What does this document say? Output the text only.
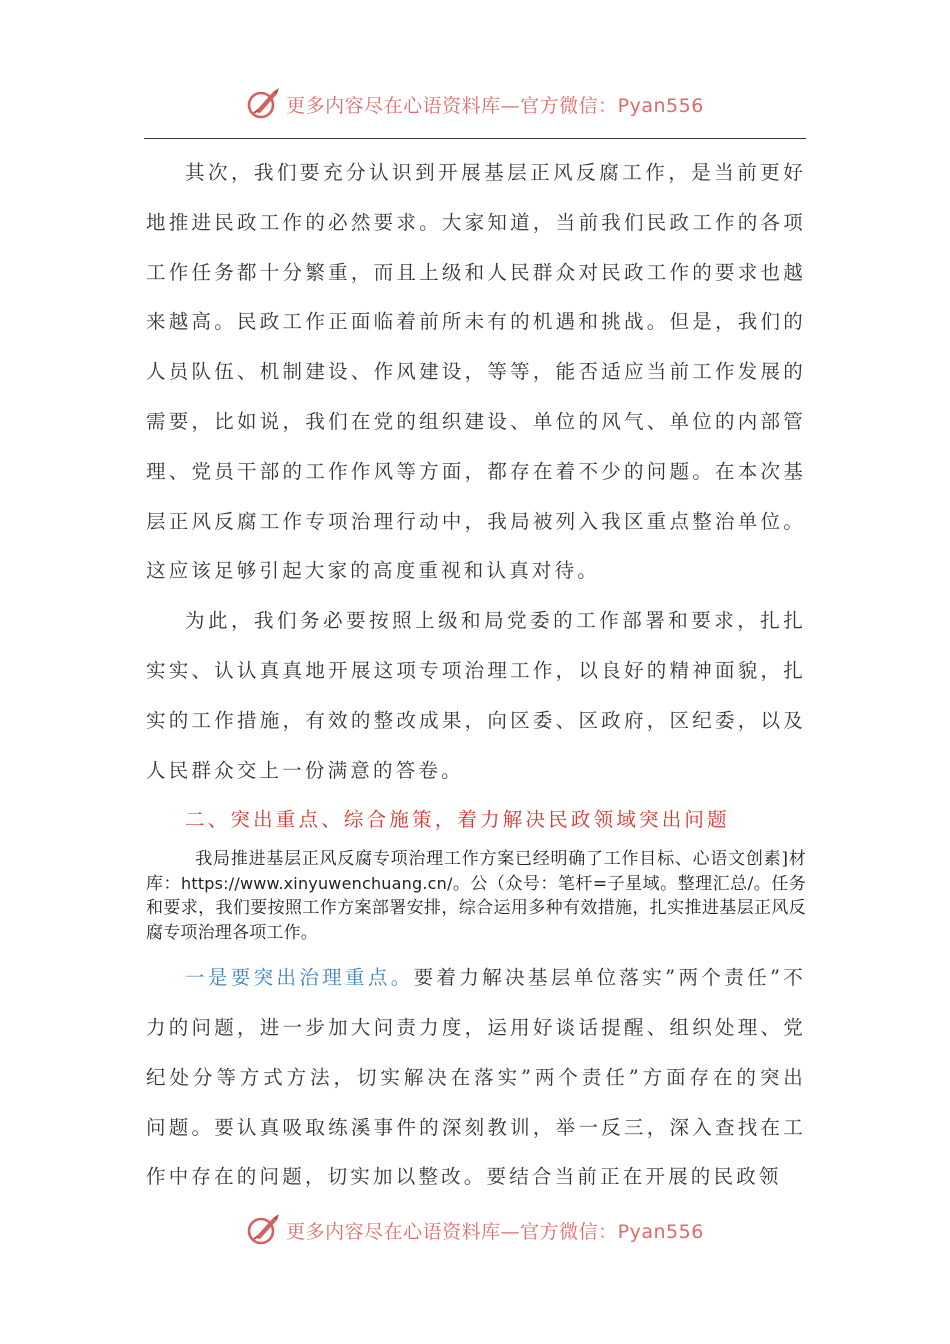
更多内容尽在心语资料库—官方微信：Pyan556

其次，我们要充分认识到开展基层正风反腐工作，是当前更好地推进民政工作的必然要求。大家知道，当前我们民政工作的各项工作任务都十分繁重，而且上级和人民群众对民政工作的要求也越来越高。民政工作正面临着前所未有的机遇和挑战。但是，我们的人员队伍、机制建设、作风建设，等等，能否适应当前工作发展的需要，比如说，我们在党的组织建设、单位的风气、单位的内部管理、党员干部的工作作风等方面，都存在着不少的问题。在本次基层正风反腐工作专项治理行动中，我局被列入我区重点整治单位。这应该足够引起大家的高度重视和认真对待。

为此，我们务必要按照上级和局党委的工作部署和要求，扎扎实实、认认真真地开展这项专项治理工作，以良好的精神面貌，扎实的工作措施，有效的整改成果，向区委、区政府，区纪委，以及人民群众交上一份满意的答卷。

二、突出重点、综合施策，着力解决民政领域突出问题

我局推进基层正风反腐专项治理工作方案已经明确了工作目标、心语文创素]材库：https://www.xinyuwenchuang.cn/。公（众号：笔杆=子星域。整理汇总/。任务和要求，我们要按照工作方案部署安排，综合运用多种有效措施，扎实推进基层正风反腐专项治理各项工作。

一是要突出治理重点。要着力解决基层单位落实”两个责任”不力的问题，进一步加大问责力度，运用好谈话提醒、组织处理、党纪处分等方式方法，切实解决在落实”两个责任”方面存在的突出问题。要认真吸取练溪事件的深刻教训，举一反三，深入查找在工作中存在的问题，切实加以整改。要结合当前正在开展的民政领

更多内容尽在心语资料库—官方微信：Pyan556
